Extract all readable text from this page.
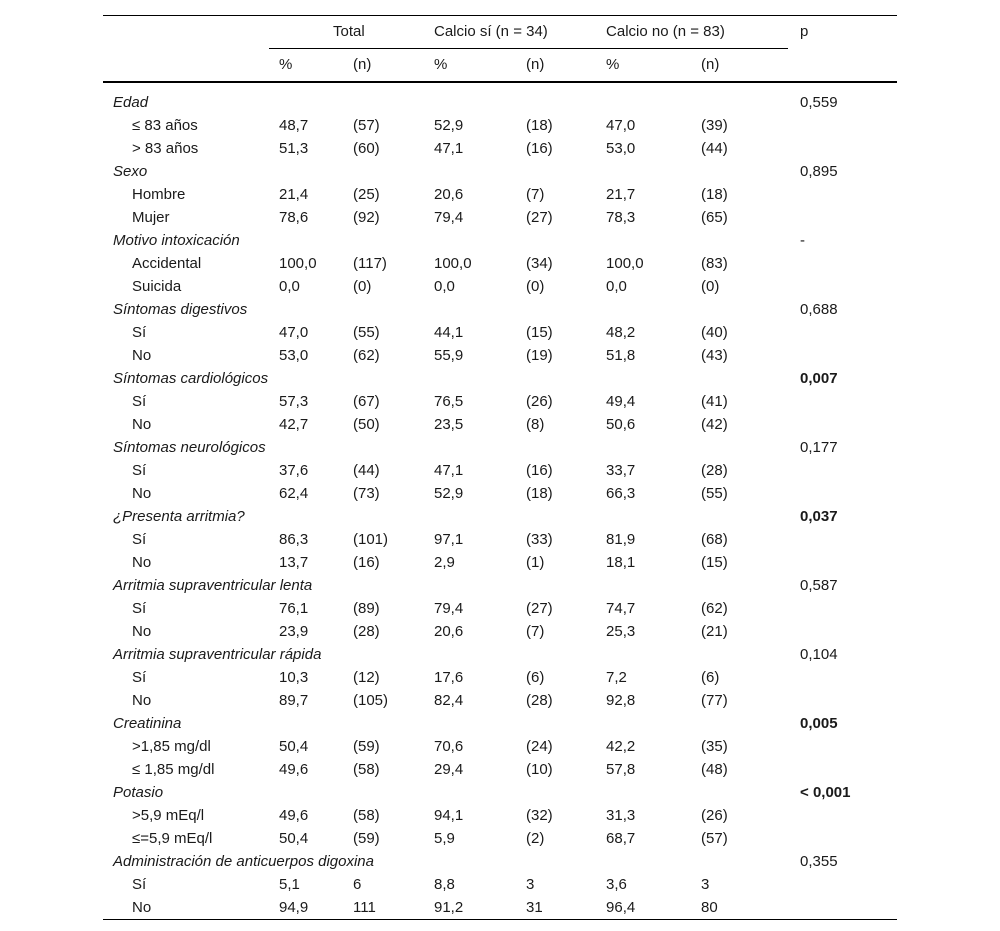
	Total		Calcio sí (n = 34)		Calcio no (n = 83)		p
	%	(n)	%	(n)	%	(n)	

Edad							0,559
≤ 83 años	48,7	(57)	52,9	(18)	47,0	(39)	
> 83 años	51,3	(60)	47,1	(16)	53,0	(44)	
Sexo							0,895
Hombre	21,4	(25)	20,6	(7)	21,7	(18)	
Mujer	78,6	(92)	79,4	(27)	78,3	(65)	
Motivo intoxicación							-
Accidental	100,0	(117)	100,0	(34)	100,0	(83)	
Suicida	0,0	(0)	0,0	(0)	0,0	(0)	
Síntomas digestivos							0,688
Sí	47,0	(55)	44,1	(15)	48,2	(40)	
No	53,0	(62)	55,9	(19)	51,8	(43)	
Síntomas cardiológicos							0,007
Sí	57,3	(67)	76,5	(26)	49,4	(41)	
No	42,7	(50)	23,5	(8)	50,6	(42)	
Síntomas neurológicos							0,177
Sí	37,6	(44)	47,1	(16)	33,7	(28)	
No	62,4	(73)	52,9	(18)	66,3	(55)	
¿Presenta arritmia?							0,037
Sí	86,3	(101)	97,1	(33)	81,9	(68)	
No	13,7	(16)	2,9	(1)	18,1	(15)	
Arritmia supraventricular lenta							0,587
Sí	76,1	(89)	79,4	(27)	74,7	(62)	
No	23,9	(28)	20,6	(7)	25,3	(21)	
Arritmia supraventricular rápida							0,104
Sí	10,3	(12)	17,6	(6)	7,2	(6)	
No	89,7	(105)	82,4	(28)	92,8	(77)	
Creatinina							0,005
>1,85 mg/dl	50,4	(59)	70,6	(24)	42,2	(35)	
≤ 1,85 mg/dl	49,6	(58)	29,4	(10)	57,8	(48)	
Potasio							< 0,001
>5,9 mEq/l	49,6	(58)	94,1	(32)	31,3	(26)	
≤=5,9 mEq/l	50,4	(59)	5,9	(2)	68,7	(57)	
Administración de anticuerpos digoxina							0,355
Sí	5,1	6	8,8	3	3,6	3	
No	94,9	111	91,2	31	96,4	80	
